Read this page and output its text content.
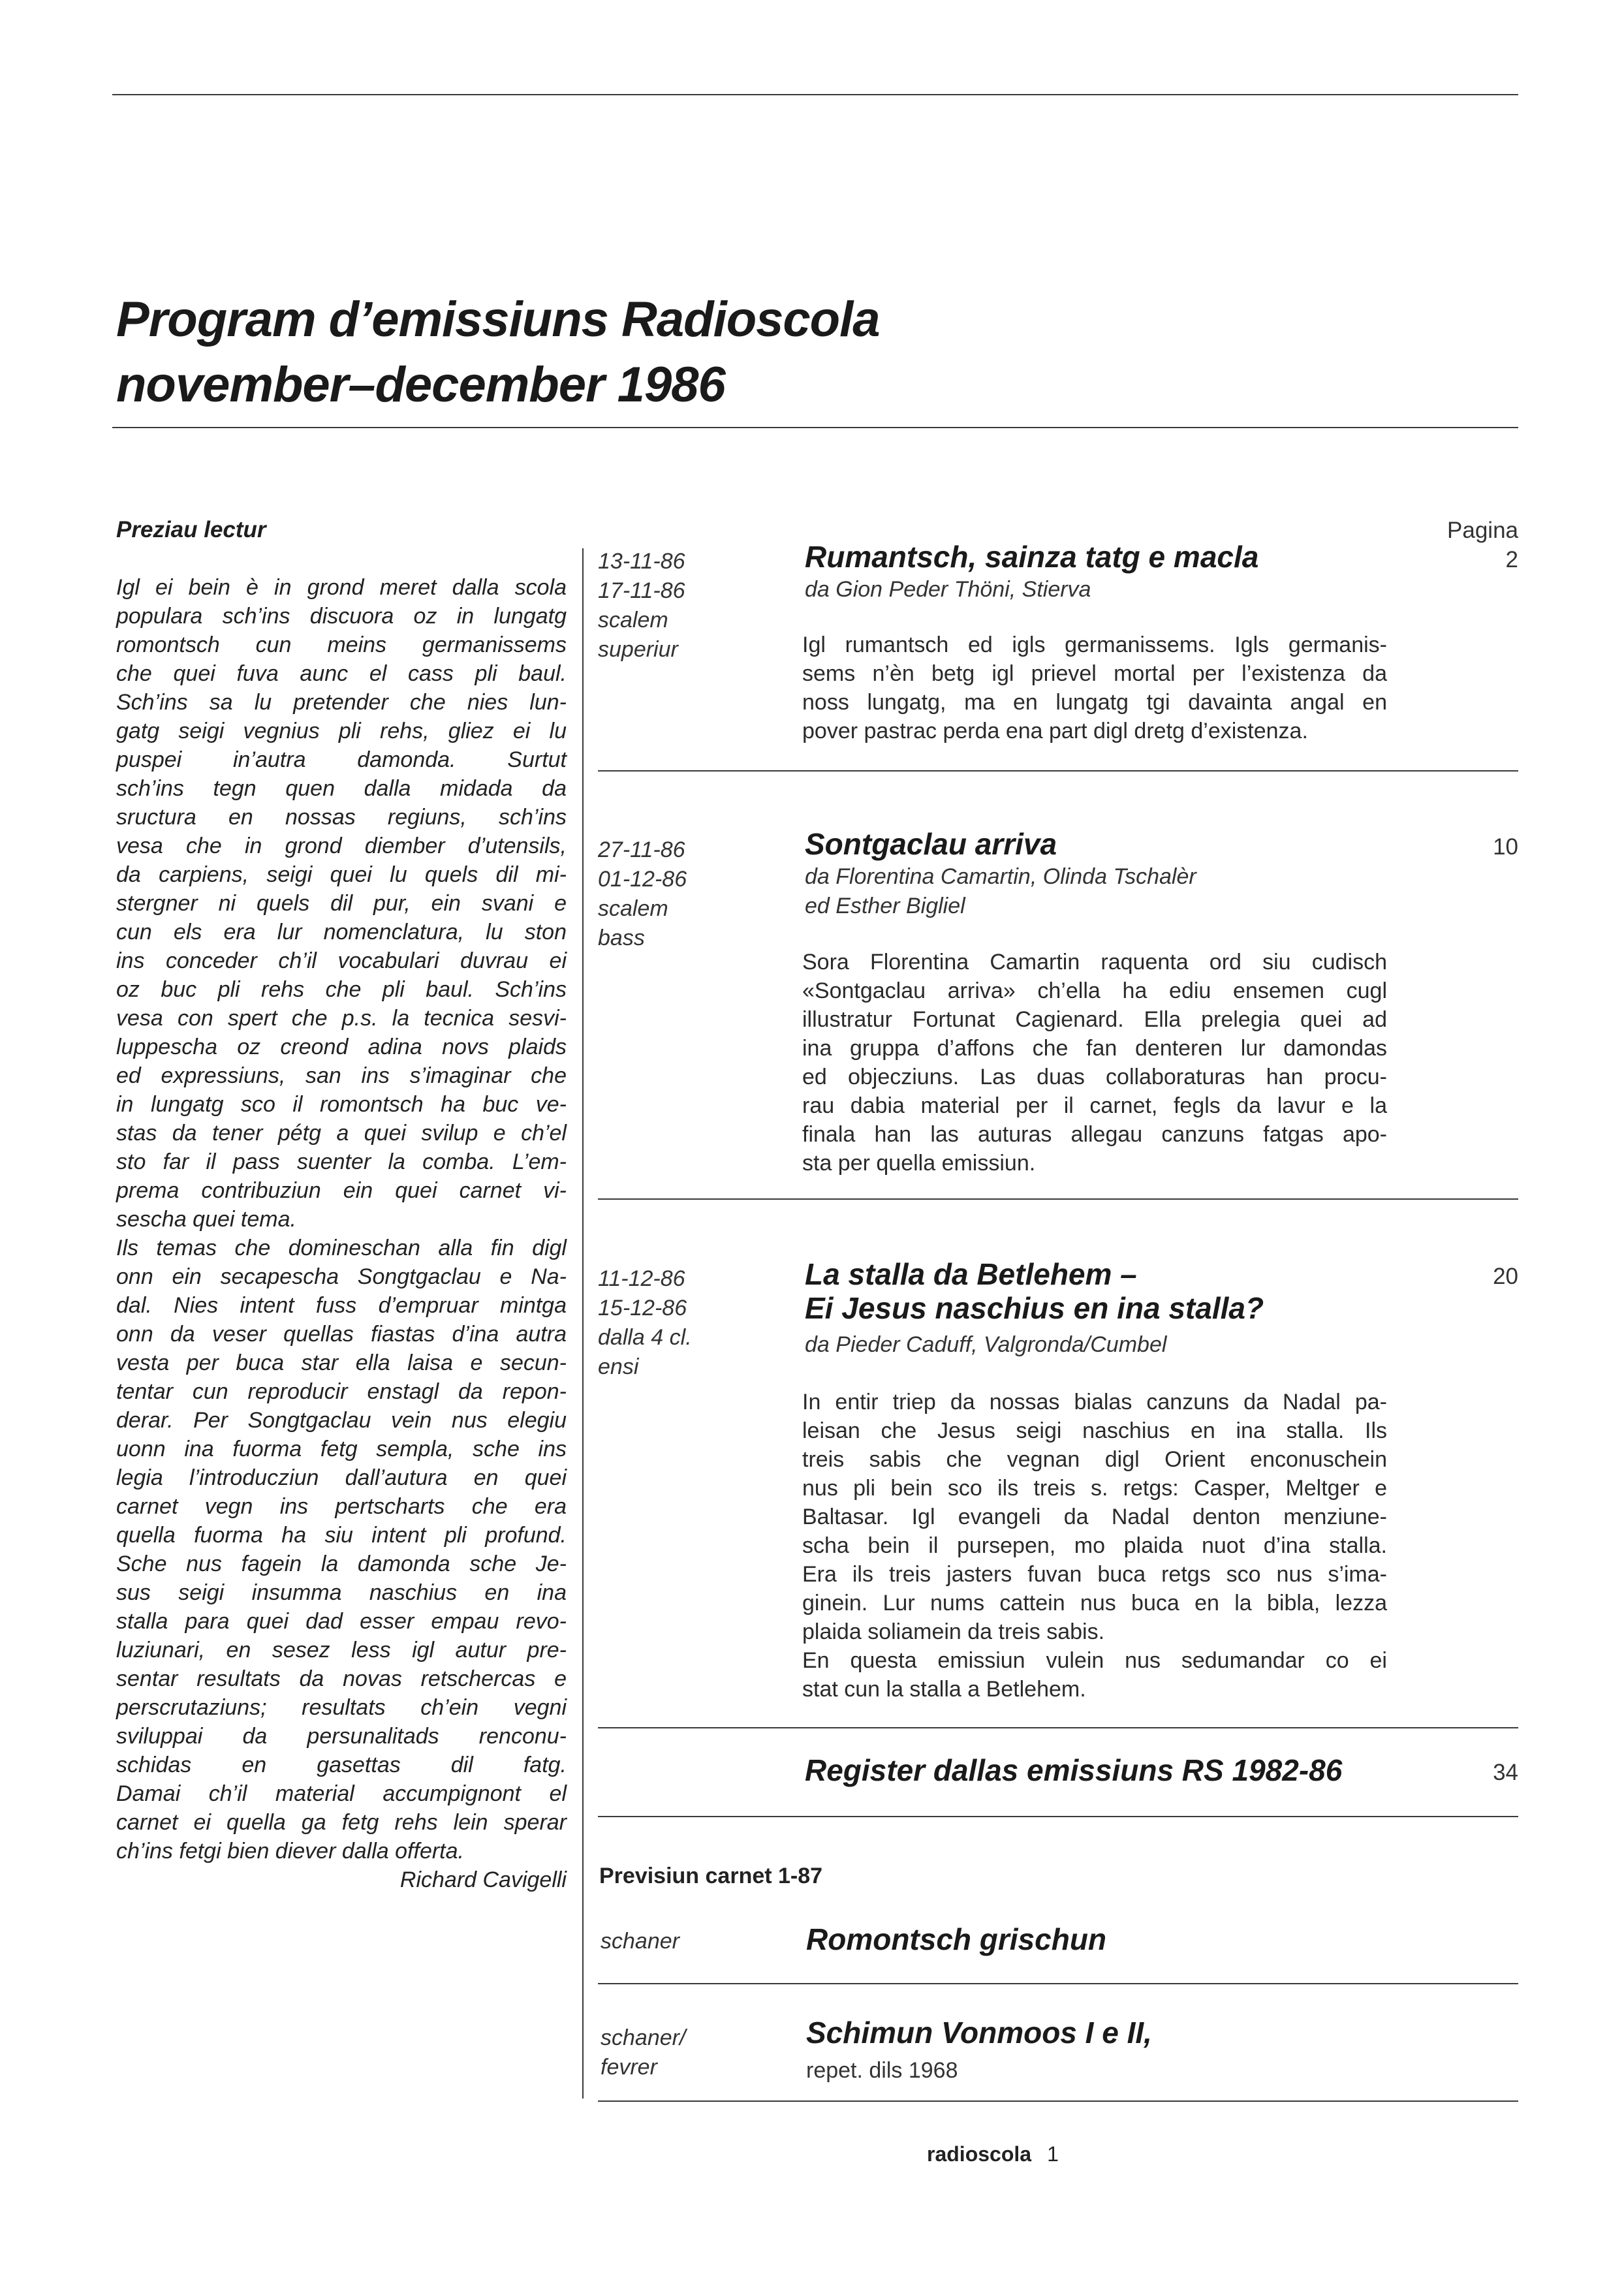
Program d’emissiuns Radioscola
november–december 1986
Preziau lectur
Igl ei bein è in grond meret dalla scola
populara sch’ins discuora oz in lungatg
romontsch cun meins germanissems
che quei fuva aunc el cass pli baul.
Sch’ins sa lu pretender che nies lun-
gatg seigi vegnius pli rehs, gliez ei lu
puspei in’autra damonda. Surtut
sch’ins tegn quen dalla midada da
sructura en nossas regiuns, sch’ins
vesa che in grond diember d’utensils,
da carpiens, seigi quei lu quels dil mi-
stergner ni quels dil pur, ein svani e
cun els era lur nomenclatura, lu ston
ins conceder ch’il vocabulari duvrau ei
oz buc pli rehs che pli baul. Sch’ins
vesa con spert che p.s. la tecnica sesvi-
luppescha oz creond adina novs plaids
ed expressiuns, san ins s’imaginar che
in lungatg sco il romontsch ha buc ve-
stas da tener pétg a quei svilup e ch’el
sto far il pass suenter la comba. L’em-
prema contribuziun ein quei carnet vi-
sescha quei tema.
Ils temas che domineschan alla fin digl
onn ein secapescha Songtgaclau e Na-
dal. Nies intent fuss d’empruar mintga
onn da veser quellas fiastas d’ina autra
vesta per buca star ella laisa e secun-
tentar cun reproducir enstagl da repon-
derar. Per Songtgaclau vein nus elegiu
uonn ina fuorma fetg sempla, sche ins
legia l’introducziun dall’autura en quei
carnet vegn ins pertscharts che era
quella fuorma ha siu intent pli profund.
Sche nus fagein la damonda sche Je-
sus seigi insumma naschius en ina
stalla para quei dad esser empau revo-
luziunari, en sesez less igl autur pre-
sentar resultats da novas retschercas e
perscrutaziuns; resultats ch’ein vegni
sviluppai da persunalitads renconu-
schidas en gasettas dil fatg.
Damai ch’il material accumpignont el
carnet ei quella ga fetg rehs lein sperar
ch’ins fetgi bien diever dalla offerta.
Richard Cavigelli
Pagina
13-11-86
17-11-86
scalem
superiur
Rumantsch, sainza tatg e macla
da Gion Peder Thöni, Stierva
Igl rumantsch ed igls germanissems. Igls germanis-
sems n’èn betg igl prievel mortal per l’existenza da
noss lungatg, ma en lungatg tgi davainta angal en
pover pastrac perda ena part digl dretg d’existenza.
2
27-11-86
01-12-86
scalem
bass
Sontgaclau arriva
da Florentina Camartin, Olinda Tschalèr
ed Esther Bigliel
Sora Florentina Camartin raquenta ord siu cudisch
«Sontgaclau arriva» ch’ella ha ediu ensemen cugl
illustratur Fortunat Cagienard. Ella prelegia quei ad
ina gruppa d’affons che fan denteren lur damondas
ed objecziuns. Las duas collaboraturas han procu-
rau dabia material per il carnet, fegls da lavur e la
finala han las auturas allegau canzuns fatgas apo-
sta per quella emissiun.
10
11-12-86
15-12-86
dalla 4 cl.
ensi
La stalla da Betlehem –
Ei Jesus naschius en ina stalla?
da Pieder Caduff, Valgronda/Cumbel
In entir triep da nossas bialas canzuns da Nadal pa-
leisan che Jesus seigi naschius en ina stalla. Ils
treis sabis che vegnan digl Orient enconuschein
nus pli bein sco ils treis s. retgs: Casper, Meltger e
Baltasar. Igl evangeli da Nadal denton menziune-
scha bein il pursepen, mo plaida nuot d’ina stalla.
Era ils treis jasters fuvan buca retgs sco nus s’ima-
ginein. Lur nums cattein nus buca en la bibla, lezza
plaida soliamein da treis sabis.
En questa emissiun vulein nus sedumandar co ei
stat cun la stalla a Betlehem.
20
Register dallas emissiuns RS 1982-86	34
Previsiun carnet 1-87
schaner	Romontsch grischun
schaner/
fevrer
Schimun Vonmoos I e II,
repet. dils 1968
radioscola 1
